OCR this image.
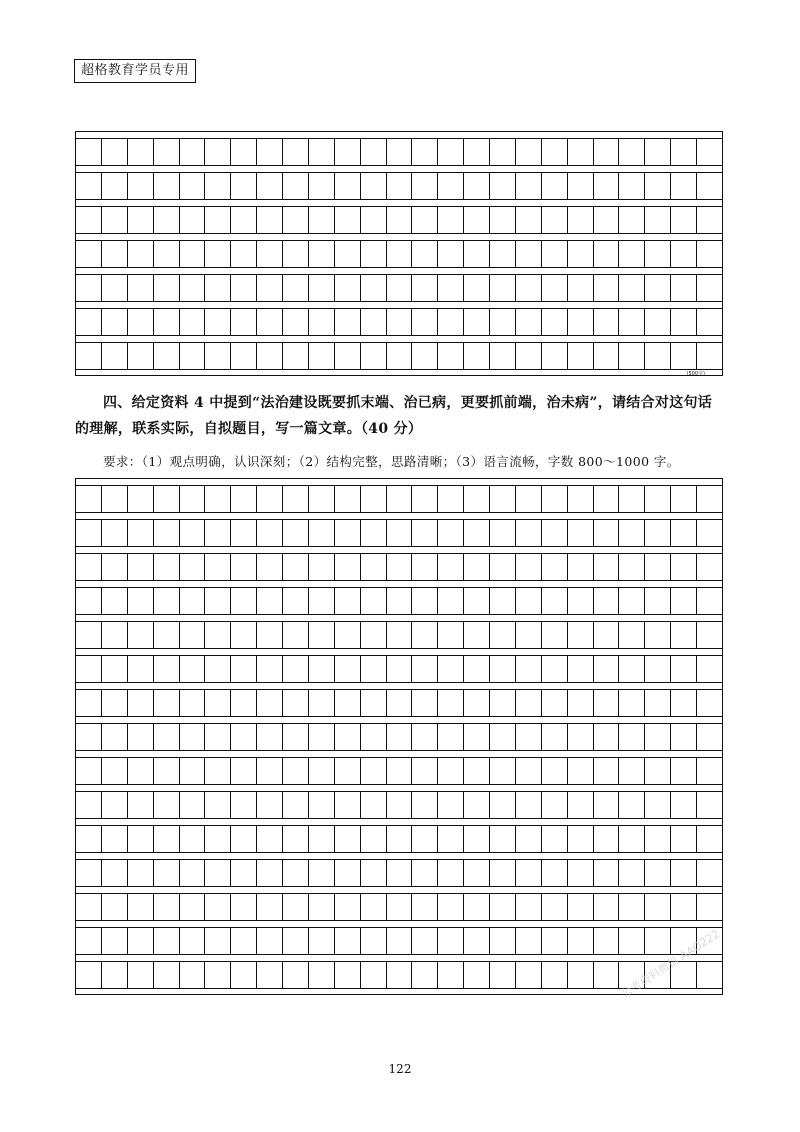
超格教育学员专用
(500字)
四、给定资料 4 中提到“法治建设既要抓末端、治已病，更要抓前端，治未病”，请结合对这句话的理解，联系实际，自拟题目，写一篇文章。（40 分）
要求：（1）观点明确，认识深刻；（2）结构完整，思路清晰；（3）语言流畅，字数 800～1000 字。
122
公考资料微信 AAO222
